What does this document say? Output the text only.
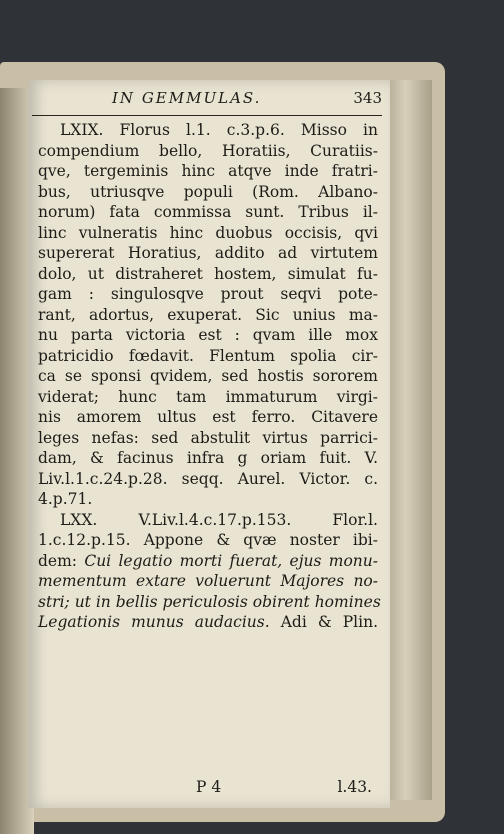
IN GEMMULAS.	343
LXIX. Florus l.1. c.3.p.6. Misso in
compendium bello, Horatiis, Curatiis-
qve, tergeminis hinc atqve inde fratri-
bus, utriusqve populi (Rom. Albano-
norum) fata commissa sunt. Tribus il-
linc vulneratis hinc duobus occisis, qvi
supererat Horatius, addito ad virtutem
dolo, ut distraheret hostem, simulat fu-
gam : singulosqve prout seqvi pote-
rant, adortus, exuperat. Sic unius ma-
nu parta victoria est : qvam ille mox
patricidio fœdavit. Flentum spolia cir-
ca se sponsi qvidem, sed hostis sororem
viderat; hunc tam immaturum virgi-
nis amorem ultus est ferro. Citavere
leges nefas: sed abstulit virtus parrici-
dam, & facinus infra g oriam fuit. V.
Liv.l.1.c.24.p.28. seqq. Aurel. Victor. c.
4.p.71.
LXX. V.Liv.l.4.c.17.p.153. Flor.l.
1.c.12.p.15. Appone & qvæ noster ibi-
dem: Cui legatio morti fuerat, ejus monu-
mementum extare voluerunt Majores no-
stri; ut in bellis periculosis obirent homines
Legationis munus audacius. Adi & Plin.
P 4	l.43.
